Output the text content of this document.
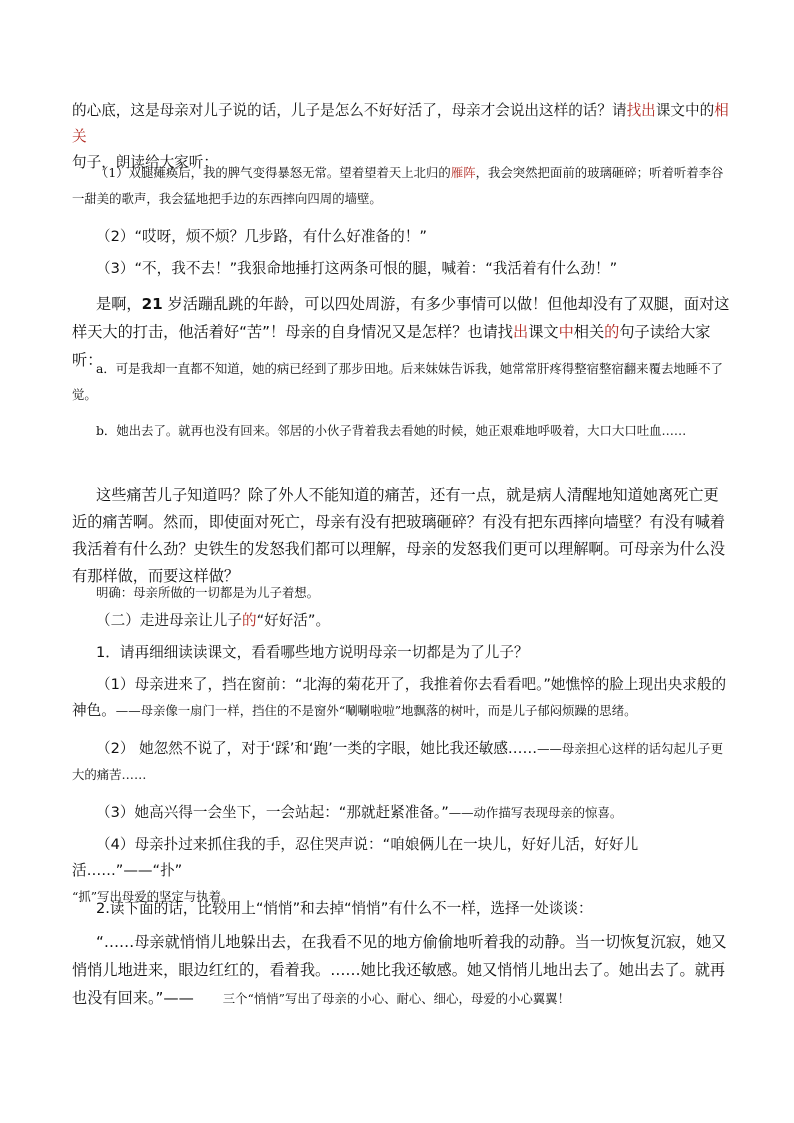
的心底，这是母亲对儿子说的话，儿子是怎么不好好活了，母亲才会说出这样的话？请找出课文中的相关
句子，朗读给大家听：

（1）双腿瘫痪后，我的脾气变得暴怒无常。望着望着天上北归的雁阵，我会突然把面前的玻璃砸碎；听着听着李谷一甜美的歌声，我会猛地把手边的东西摔向四周的墙壁。

（2）“哎呀，烦不烦？几步路，有什么好准备的！”

（3）“不，我不去！”我狠命地捶打这两条可恨的腿，喊着：“我活着有什么劲！”

是啊，21 岁活蹦乱跳的年龄，可以四处周游，有多少事情可以做！但他却没有了双腿，面对这样天大的打击，他活着好“苦”！母亲的自身情况又是怎样？也请找出课文中相关的句子读给大家听：

a．可是我却一直都不知道，她的病已经到了那步田地。后来妹妹告诉我，她常常肝疼得整宿整宿翻来覆去地睡不了觉。

b．她出去了。就再也没有回来。邻居的小伙子背着我去看她的时候，她正艰难地呼吸着，大口大口吐血……

这些痛苦儿子知道吗？除了外人不能知道的痛苦，还有一点，就是病人清醒地知道她离死亡更近的痛苦啊。然而，即使面对死亡，母亲有没有把玻璃砸碎？有没有把东西摔向墙壁？有没有喊着我活着有什么劲？史铁生的发怒我们都可以理解，母亲的发怒我们更可以理解啊。可母亲为什么没有那样做，而要这样做？

明确：母亲所做的一切都是为儿子着想。

（二）走进母亲让儿子的“好好活”。

1．请再细细读读课文，看看哪些地方说明母亲一切都是为了儿子？

（1）母亲进来了，挡在窗前：“北海的菊花开了，我推着你去看看吧。”她憔悴的脸上现出央求般的神色。——母亲像一扇门一样，挡住的不是窗外“唰唰啦啦”地飘落的树叶，而是儿子郁闷烦躁的思绪。

（2） 她忽然不说了，对于‘踩’和‘跑’一类的字眼，她比我还敏感……——母亲担心这样的话勾起儿子更大的痛苦……

（3）她高兴得一会坐下，一会站起：“那就赶紧准备。”——动作描写表现母亲的惊喜。

（4）母亲扑过来抓住我的手，忍住哭声说：“咱娘俩儿在一块儿，好好儿活，好好儿活……”——“扑”
“抓”写出母爱的坚定与执着。

2.读下面的话，比较用上“悄悄”和去掉“悄悄”有什么不一样，选择一处谈谈：

“……母亲就悄悄儿地躲出去，在我看不见的地方偷偷地听着我的动静。当一切恢复沉寂，她又悄悄儿地进来，眼边红红的，看着我。……她比我还敏感。她又悄悄儿地出去了。她出去了。就再也没有回来。”—— 三个“悄悄”写出了母亲的小心、耐心、细心，母爱的小心翼翼！
